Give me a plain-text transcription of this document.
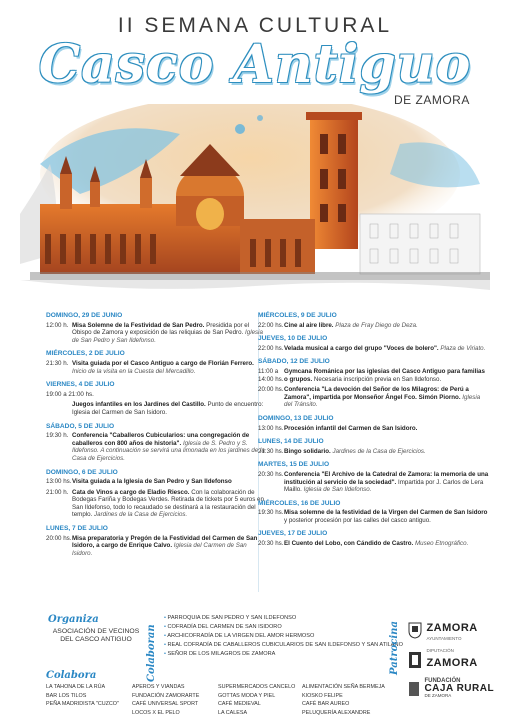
II SEMANA CULTURAL
Casco Antiguo
DE ZAMORA
DOMINGO, 29 DE JUNIO
12:00 h. Misa Solemne de la Festividad de San Pedro. Presidida por el Obispo de Zamora y exposición de las reliquias de San Pedro. Iglesia de San Pedro y San Ildefonso.
MIÉRCOLES, 2 DE JULIO
21:30 h. Visita guiada por el Casco Antiguo a cargo de Florián Ferrero. Inicio de la visita en la Cuesta del Mercadillo.
VIERNES, 4 DE JULIO
19:00 a 21:00 hs.
Juegos infantiles en los Jardines del Castillo. Punto de encuentro: Iglesia del Carmen de San Isidoro.
SÁBADO, 5 DE JULIO
19:30 h. Conferencia "Caballeros Cubicularios: una congregación de caballeros con 800 años de historia". Iglesia de S. Pedro y S. Ildefonso. A continuación se servirá una limonada en los jardines de la Casa de Ejercicios.
DOMINGO, 6 DE JULIO
13:00 hs. Visita guiada a la Iglesia de San Pedro y San Ildefonso
21:00 h. Cata de Vinos a cargo de Eladio Riesco. Con la colaboración de Bodegas Fariña y Bodegas Verdes. Retirada de tickets por 5 euros en San Ildefonso, todo lo recaudado se destinará a la restauración del templo. Jardines de la Casa de Ejercicios.
LUNES, 7 DE JULIO
20:00 hs. Misa preparatoria y Pregón de la Festividad del Carmen de San Isidoro, a cargo de Enrique Calvo. Iglesia del Carmen de San Isidoro.
MIÉRCOLES, 9 DE JULIO
22:00 hs. Cine al aire libre. Plaza de Fray Diego de Deza.
JUEVES, 10 DE JULIO
22:00 hs. Velada musical a cargo del grupo "Voces de bolero". Plaza de Viriato.
SÁBADO, 12 DE JULIO
11:00 a 14:00 hs.
Gymcana Románica por las iglesias del Casco Antiguo para familias o grupos. Necesaria inscripción previa en San Ildefonso.
20:00 hs. Conferencia "La devoción del Señor de los Milagros: de Perú a Zamora", impartida por Monseñor Ángel Fco. Simón Piorno. Iglesia del Tránsito.
DOMINGO, 13 DE JULIO
13:00 hs. Procesión infantil del Carmen de San Isidoro.
LUNES, 14 DE JULIO
21:30 hs. Bingo solidario. Jardines de la Casa de Ejercicios.
MARTES, 15 DE JULIO
20:30 hs. Conferencia "El Archivo de la Catedral de Zamora: la memoria de una institución al servicio de la sociedad". Impartida por J. Carlos de Lera Maillo. Iglesia de San Ildefonso.
MIÉRCOLES, 16 DE JULIO
19:30 hs. Misa solemne de la festividad de la Virgen del Carmen de San Isidoro y posterior procesión por las calles del casco antiguo.
JUEVES, 17 DE JULIO
20:30 hs. El Cuento del Lobo, con Cándido de Castro. Museo Etnográfico.
Organiza
ASOCIACIÓN DE VECINOS DEL CASCO ANTIGUO	Colaboran
• PARROQUIA DE SAN PEDRO Y SAN ILDEFONSO
• COFRADÍA DEL CARMEN DE SAN ISIDORO
• ARCHICOFRADÍA DE LA VIRGEN DEL AMOR HERMOSO
• REAL COFRADÍA DE CABALLEROS CUBICULARIOS DE SAN ILDEFONSO Y SAN ATILANO
• SEÑOR DE LOS MILAGROS DE ZAMORA	Patrocina	ZAMORA
AYUNTAMIENTO

DIPUTACIÓN
ZAMORA

FUNDACIÓN
CAJA RURAL
DE ZAMORA
Colabora
LA TAHONA DE LA RÚA
BAR LOS TILOS
PEÑA MADRIDISTA "CUZCO"
APEROS Y VIANDAS
FUNDACIÓN ZAMORARTE
CAFÉ UNIVERSAL SPORT
LOCOS X EL PELO
SUPERMERCADOS CANCELO
GOTTAS MODA Y PIEL
CAFÉ MEDIEVAL
LA CALESA
ALIMENTACIÓN SEÑA BERMEJA
KIOSKO FELIPE
CAFÉ BAR AUREO
PELUQUERÍA ALEXANDRE
